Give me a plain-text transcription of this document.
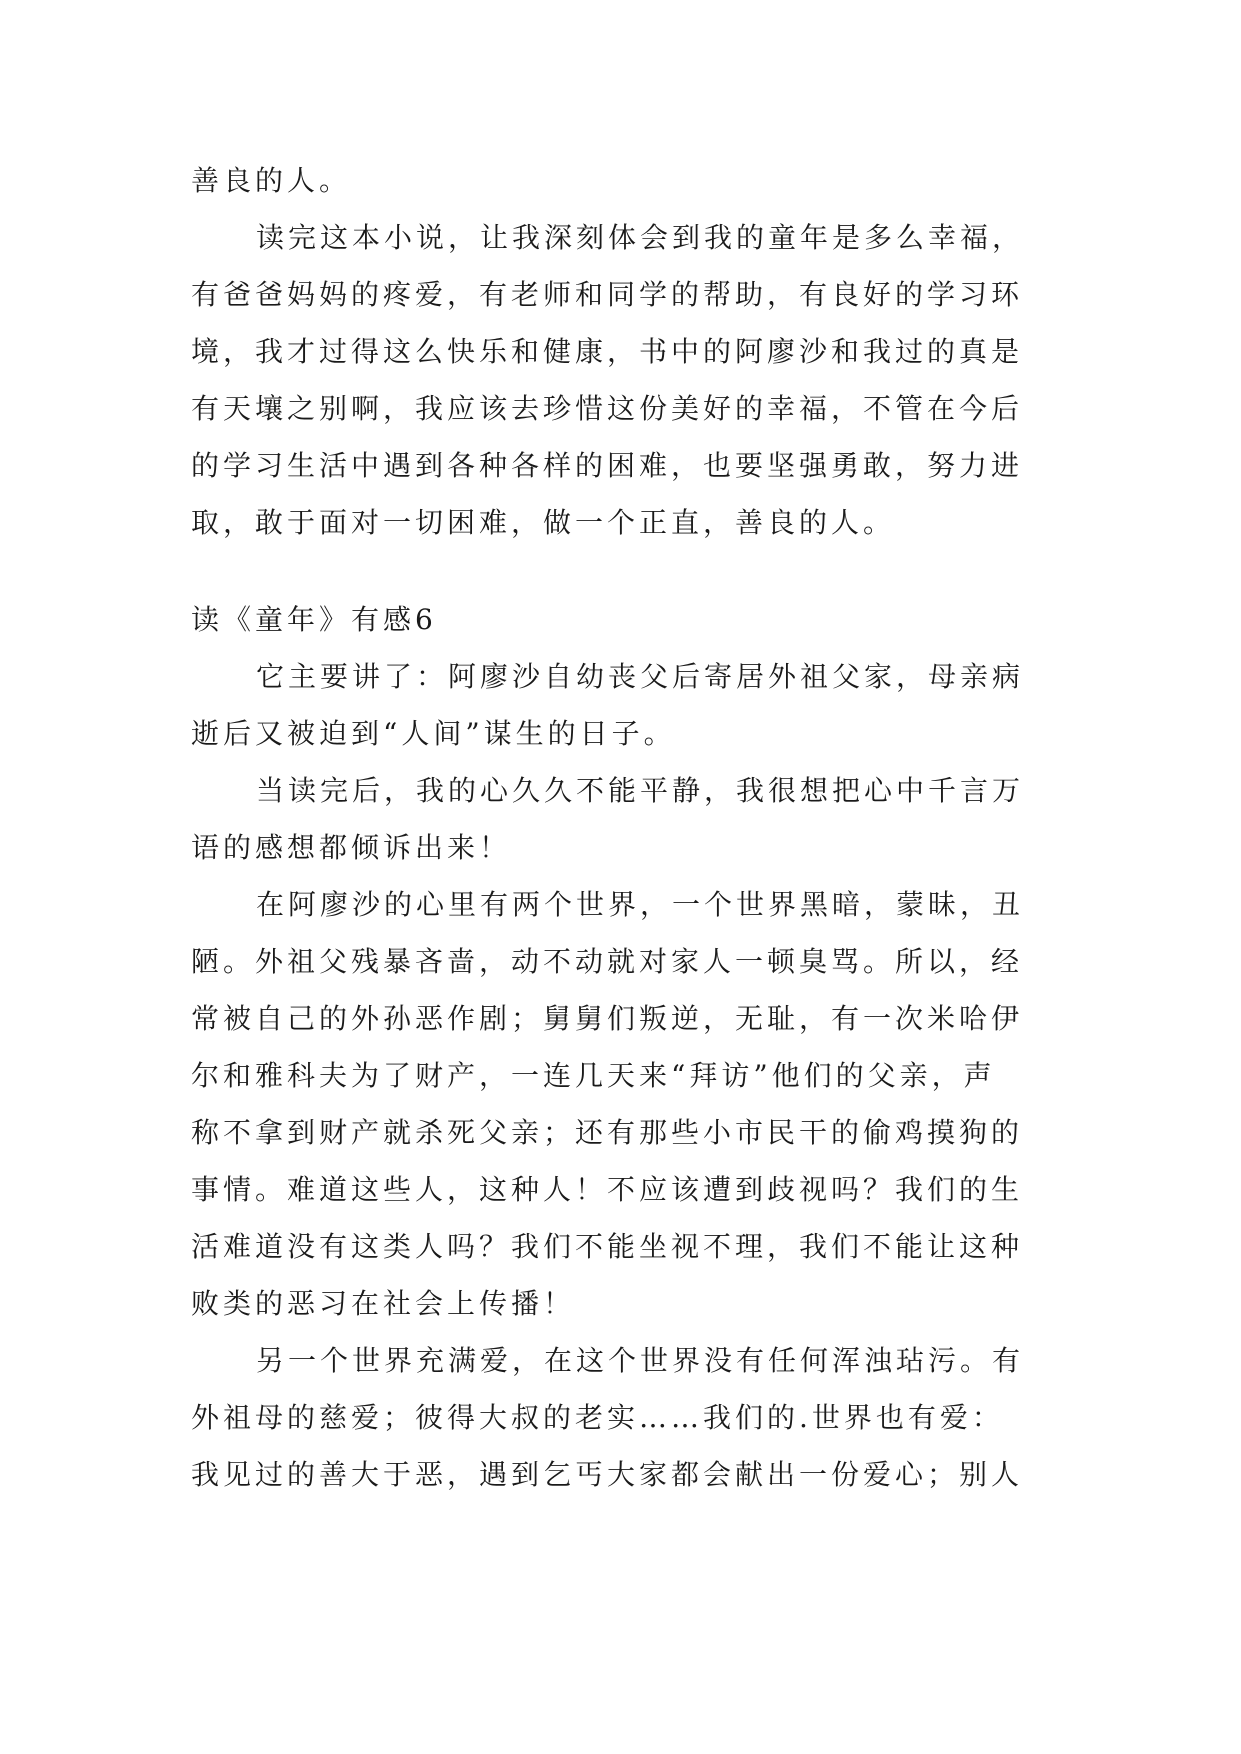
善良的人。
读完这本小说，让我深刻体会到我的童年是多么幸福，
有爸爸妈妈的疼爱，有老师和同学的帮助，有良好的学习环
境，我才过得这么快乐和健康，书中的阿廖沙和我过的真是
有天壤之别啊，我应该去珍惜这份美好的幸福，不管在今后
的学习生活中遇到各种各样的困难，也要坚强勇敢，努力进
取，敢于面对一切困难，做一个正直，善良的人。
读《童年》有感6
它主要讲了：阿廖沙自幼丧父后寄居外祖父家，母亲病
逝后又被迫到“人间”谋生的日子。
当读完后，我的心久久不能平静，我很想把心中千言万
语的感想都倾诉出来！
在阿廖沙的心里有两个世界，一个世界黑暗，蒙昧，丑
陋。外祖父残暴吝啬，动不动就对家人一顿臭骂。所以，经
常被自己的外孙恶作剧；舅舅们叛逆，无耻，有一次米哈伊
尔和雅科夫为了财产，一连几天来“拜访”他们的父亲，声
称不拿到财产就杀死父亲；还有那些小市民干的偷鸡摸狗的
事情。难道这些人，这种人！不应该遭到歧视吗？我们的生
活难道没有这类人吗？我们不能坐视不理，我们不能让这种
败类的恶习在社会上传播！
另一个世界充满爱，在这个世界没有任何浑浊玷污。有
外祖母的慈爱；彼得大叔的老实……我们的.世界也有爱：
我见过的善大于恶，遇到乞丐大家都会献出一份爱心；别人
